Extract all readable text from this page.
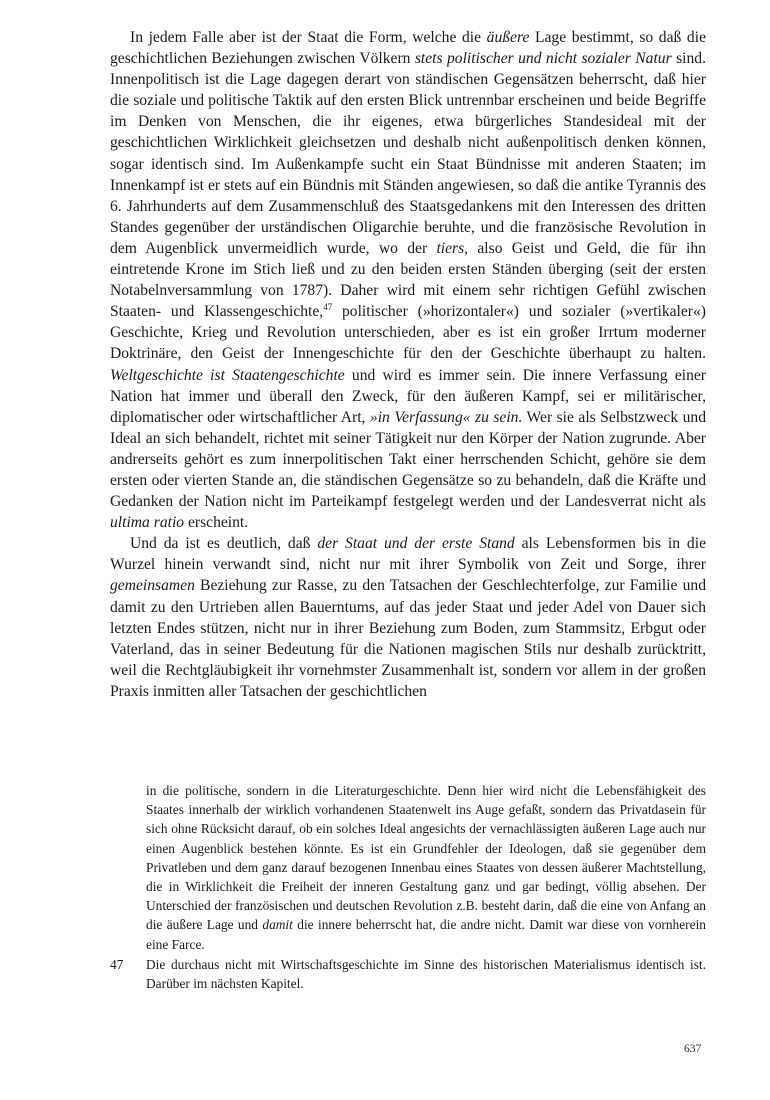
In jedem Falle aber ist der Staat die Form, welche die äußere Lage bestimmt, so daß die geschichtlichen Beziehungen zwischen Völkern stets politischer und nicht sozialer Natur sind. Innenpolitisch ist die Lage dagegen derart von ständischen Gegensätzen beherrscht, daß hier die soziale und politische Taktik auf den ersten Blick untrennbar erscheinen und beide Begriffe im Denken von Menschen, die ihr eigenes, etwa bürgerliches Standesideal mit der geschichtlichen Wirklichkeit gleichsetzen und deshalb nicht außenpolitisch denken können, sogar identisch sind. Im Außenkampfe sucht ein Staat Bündnisse mit anderen Staaten; im Innenkampf ist er stets auf ein Bündnis mit Ständen angewiesen, so daß die antike Tyrannis des 6. Jahrhunderts auf dem Zusammenschluß des Staatsgedankens mit den Interessen des dritten Standes gegenüber der urständischen Oligarchie beruhte, und die französische Revolution in dem Augenblick unvermeidlich wurde, wo der tiers, also Geist und Geld, die für ihn eintretende Krone im Stich ließ und zu den beiden ersten Ständen überging (seit der ersten Notabelnversammlung von 1787). Daher wird mit einem sehr richtigen Gefühl zwischen Staaten- und Klassengeschichte,$^{47}$ politischer (»horizontaler«) und sozialer (»vertikaler«) Geschichte, Krieg und Revolution unterschieden, aber es ist ein großer Irrtum moderner Doktrinäre, den Geist der Innengeschichte für den der Geschichte überhaupt zu halten. Weltgeschichte ist Staatengeschichte und wird es immer sein. Die innere Verfassung einer Nation hat immer und überall den Zweck, für den äußeren Kampf, sei er militärischer, diplomatischer oder wirtschaftlicher Art, »in Verfassung« zu sein. Wer sie als Selbstzweck und Ideal an sich behandelt, richtet mit seiner Tätigkeit nur den Körper der Nation zugrunde. Aber andrerseits gehört es zum innerpolitischen Takt einer herrschenden Schicht, gehöre sie dem ersten oder vierten Stande an, die ständischen Gegensätze so zu behandeln, daß die Kräfte und Gedanken der Nation nicht im Parteikampf festgelegt werden und der Landesverrat nicht als ultima ratio erscheint.

Und da ist es deutlich, daß der Staat und der erste Stand als Lebensformen bis in die Wurzel hinein verwandt sind, nicht nur mit ihrer Symbolik von Zeit und Sorge, ihrer gemeinsamen Beziehung zur Rasse, zu den Tatsachen der Geschlechterfolge, zur Familie und damit zu den Urtrieben allen Bauerntums, auf das jeder Staat und jeder Adel von Dauer sich letzten Endes stützen, nicht nur in ihrer Beziehung zum Boden, zum Stammsitz, Erbgut oder Vaterland, das in seiner Bedeutung für die Nationen magischen Stils nur deshalb zurücktritt, weil die Rechtgläubigkeit ihr vornehmster Zusammenhalt ist, sondern vor allem in der großen Praxis inmitten aller Tatsachen der geschichtlichen

in die politische, sondern in die Literaturgeschichte. Denn hier wird nicht die Lebensfähigkeit des Staates innerhalb der wirklich vorhandenen Staatenwelt ins Auge gefaßt, sondern das Privatdasein für sich ohne Rücksicht darauf, ob ein solches Ideal angesichts der vernachlässigten äußeren Lage auch nur einen Augenblick bestehen könnte. Es ist ein Grundfehler der Ideologen, daß sie gegenüber dem Privatleben und dem ganz darauf bezogenen Innenbau eines Staates von dessen äußerer Machtstellung, die in Wirklichkeit die Freiheit der inneren Gestaltung ganz und gar bedingt, völlig absehen. Der Unterschied der französischen und deutschen Revolution z.B. besteht darin, daß die eine von Anfang an die äußere Lage und damit die innere beherrscht hat, die andre nicht. Damit war diese von vornherein eine Farce.

47	Die durchaus nicht mit Wirtschaftsgeschichte im Sinne des historischen Materialismus identisch ist. Darüber im nächsten Kapitel.
637
